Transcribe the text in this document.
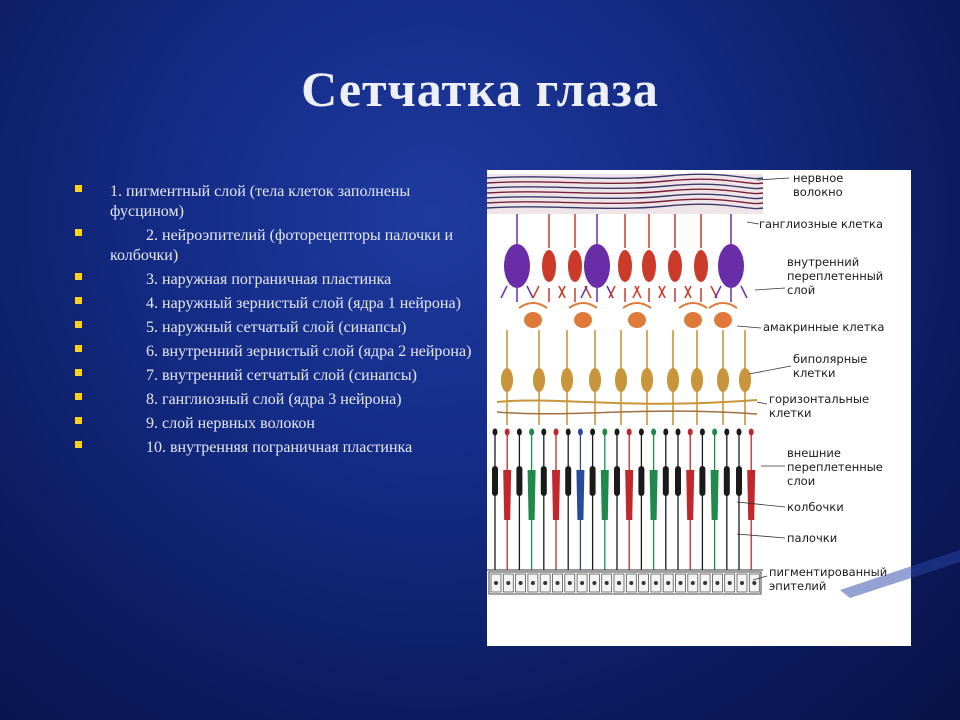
Сетчатка глаза
1. пигментный слой (тела клеток заполнены фусцином)
2. нейроэпителий (фоторецепторы палочки и колбочки)
3. наружная пограничная пластинка
4. наружный зернистый слой (ядра 1 нейрона)
5. наружный сетчатый слой (синапсы)
6. внутренний зернистый слой (ядра 2 нейрона)
7. внутренний сетчатый слой (синапсы)
8. ганглиозный слой (ядра 3 нейрона)
9. слой нервных волокон
10. внутренняя пограничная пластинка
нервное
волокно
ганглиозные клетка
внутренний
переплетенный
слой
амакринные клетка
биполярные
клетки
горизонтальные
клетки
внешние
переплетенные
слои
колбочки
палочки
пигментированный
эпителий
